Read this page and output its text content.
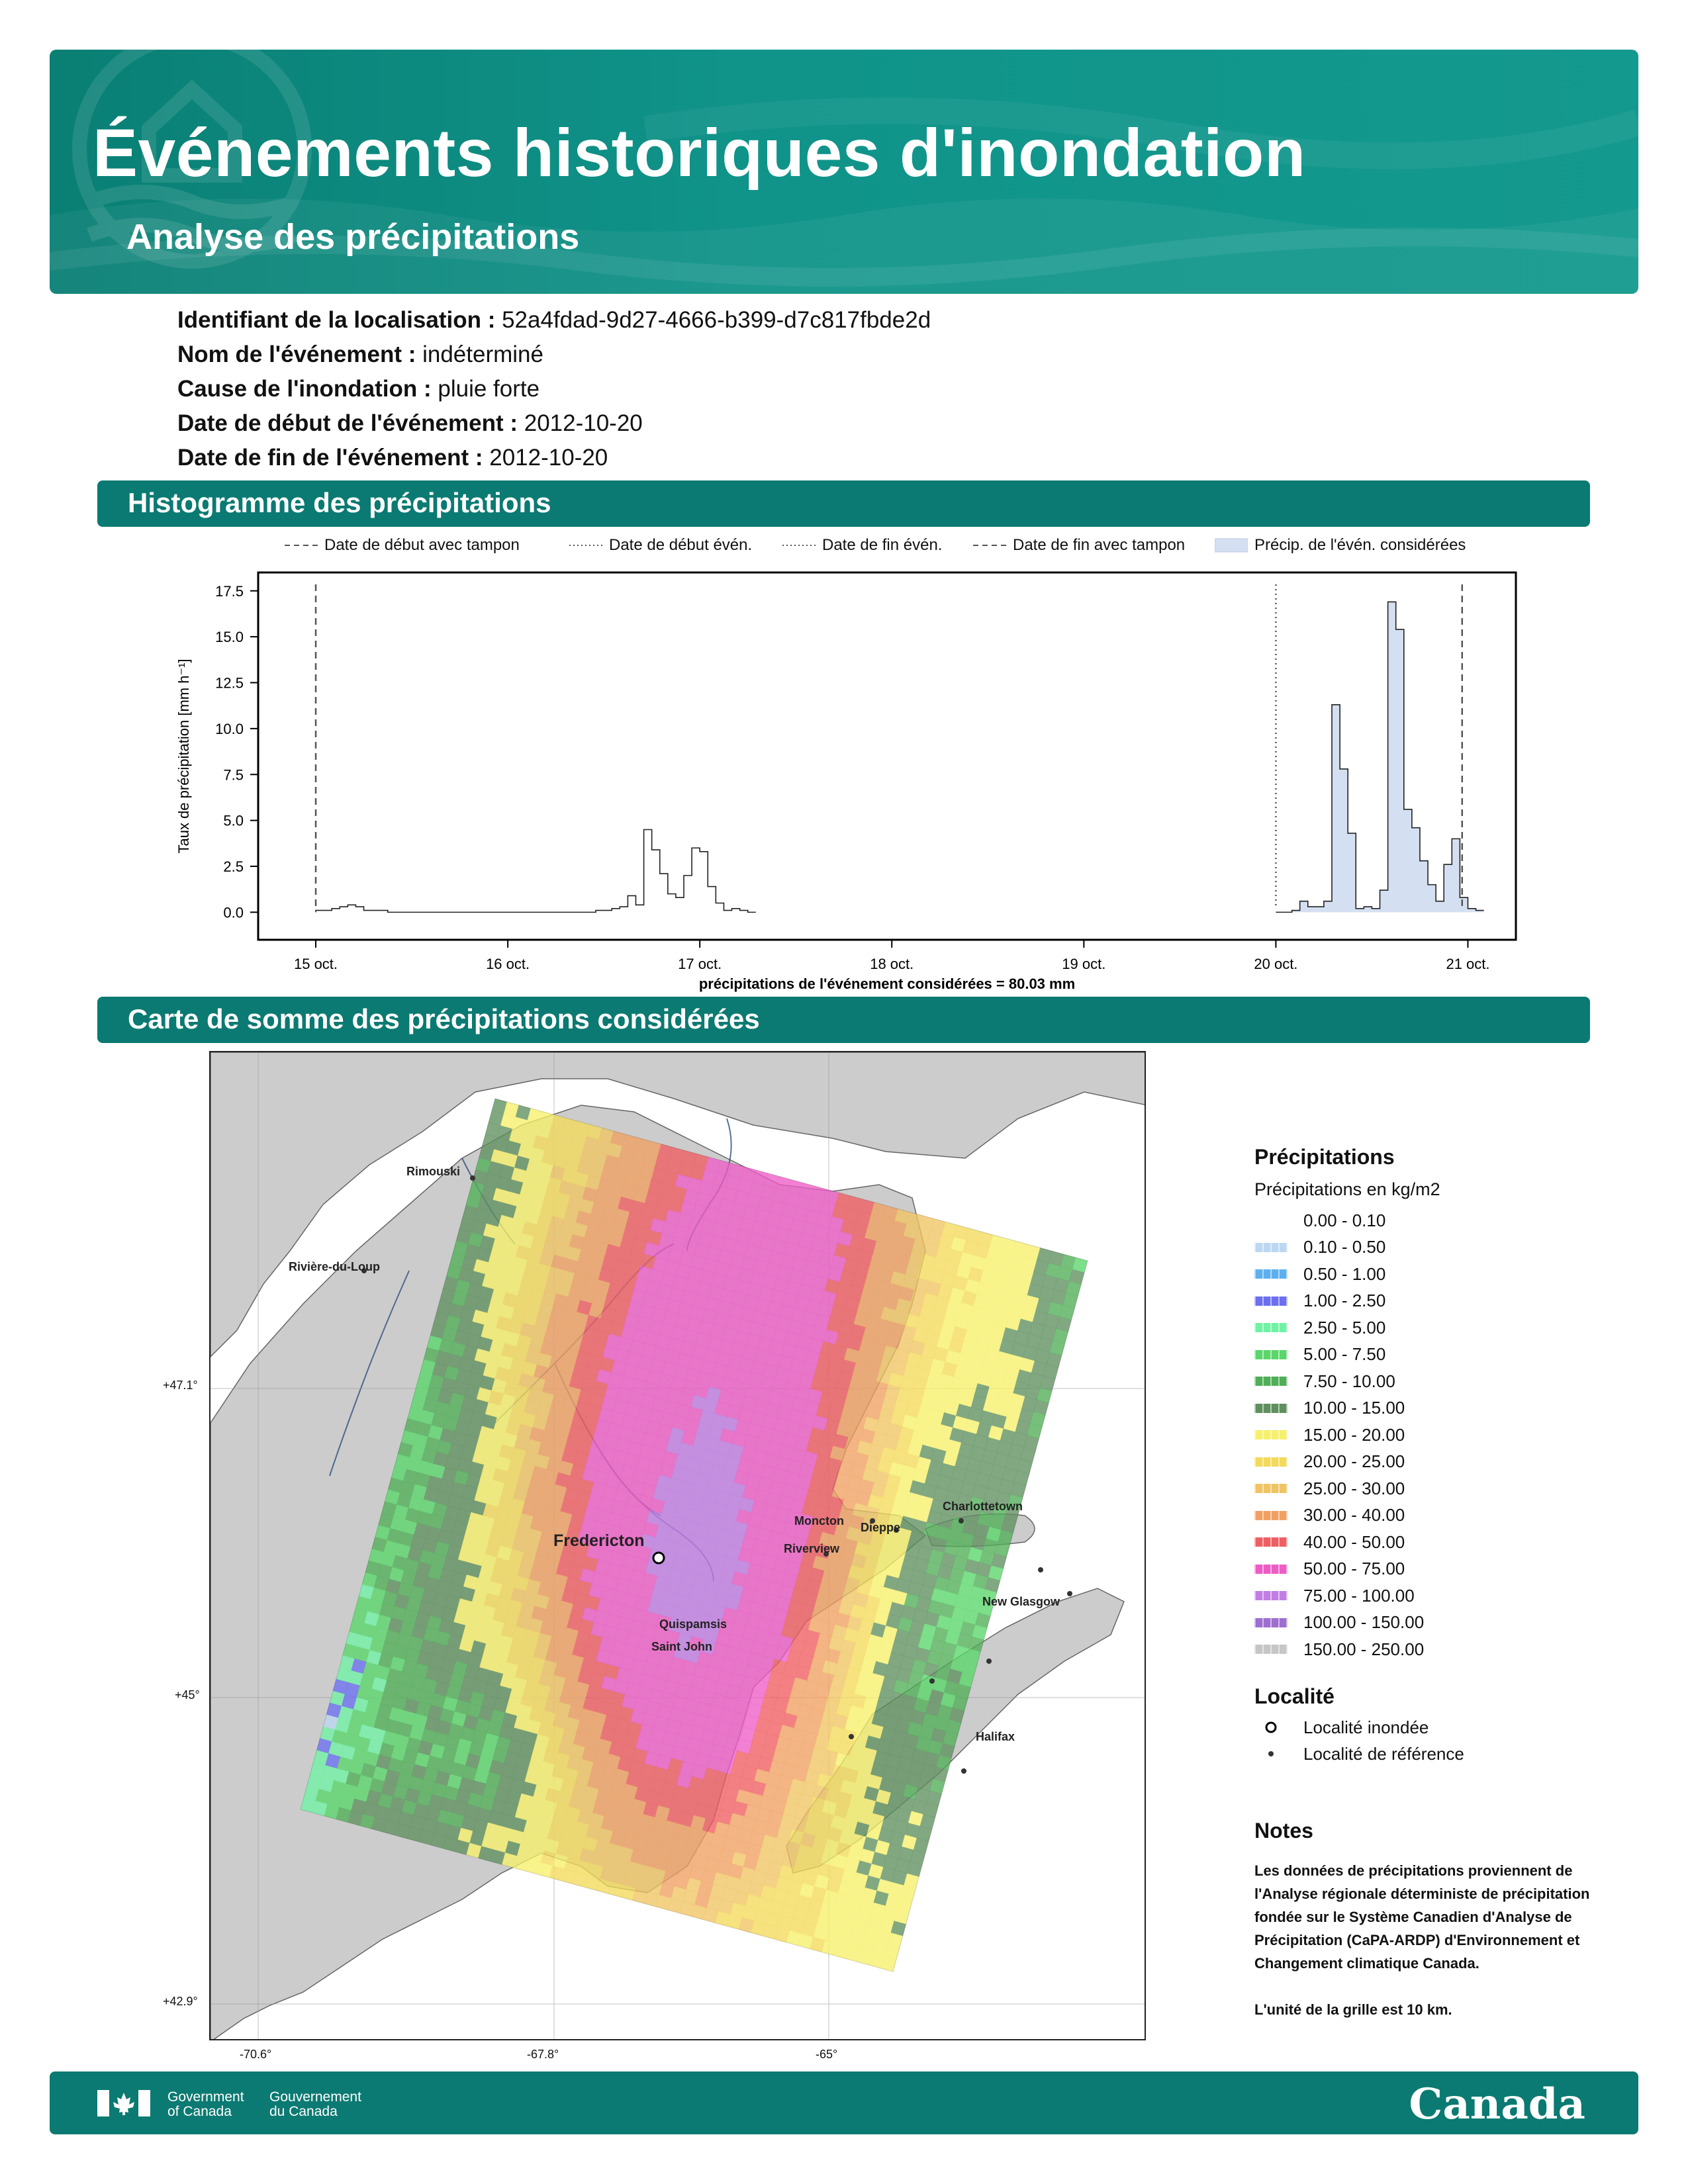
Événements historiques d'inondation
Analyse des précipitations
Identifiant de la localisation : 52a4fdad-9d27-4666-b399-d7c817fbde2d
Nom de l'événement : indéterminé
Cause de l'inondation : pluie forte
Date de début de l'événement : 2012-10-20
Date de fin de l'événement : 2012-10-20
Histogramme des précipitations
Date de début avec tampon	Date de début évén.	Date de fin évén.	Date de fin avec tampon	Précip. de l'évén. considérées
0.0
2.5
5.0
7.5
10.0
12.5
15.0
17.5
15 oct.	16 oct.	17 oct.	18 oct.	19 oct.	20 oct.	21 oct.
précipitations de l'événement considérées = 80.03 mm
Taux de précipitation [mm h⁻¹]
Carte de somme des précipitations considérées
+47.1°
+45°
+42.9°
-70.6°	-67.8°	-65°
Rimouski
Rivière-du-Loup
Fredericton
Moncton Dieppe
Riverview
Charlottetown
New Glasgow
Quispamsis
Saint John
Halifax
Précipitations
Précipitations en kg/m2
0.00 - 0.10
0.10 - 0.50
0.50 - 1.00
1.00 - 2.50
2.50 - 5.00
5.00 - 7.50
7.50 - 10.00
10.00 - 15.00
15.00 - 20.00
20.00 - 25.00
25.00 - 30.00
30.00 - 40.00
40.00 - 50.00
50.00 - 75.00
75.00 - 100.00
100.00 - 150.00
150.00 - 250.00
Localité
Localité inondée
Localité de référence
Notes
Les données de précipitations proviennent de l'Analyse régionale déterministe de précipitation fondée sur le Système Canadien d'Analyse de Précipitation (CaPA-ARDP) d'Environnement et Changement climatique Canada.
L'unité de la grille est 10 km.
Government
of Canada
Gouvernement
du Canada	Canada
